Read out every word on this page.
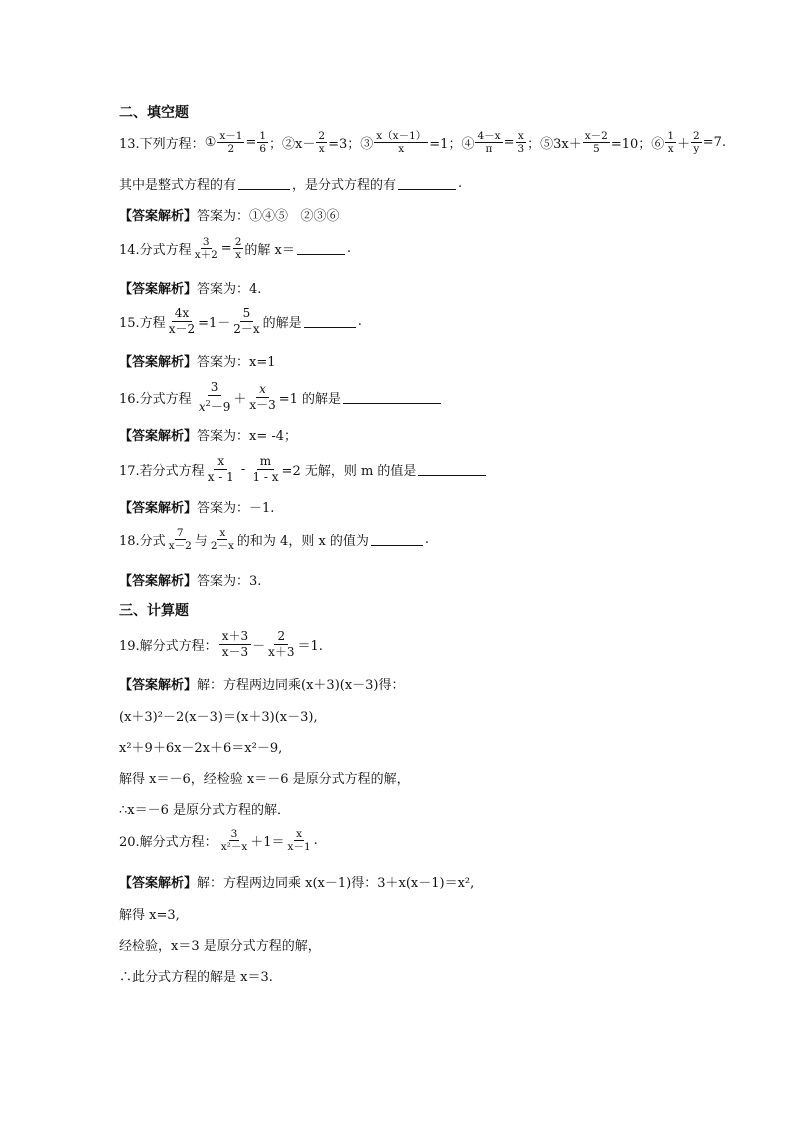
二、填空题
13.下列方程： ① $\frac{x-1}{2} = \frac{1}{6}$ ；②x－ $\frac{2}{x} =3$；③ $\frac{x(x-1)}{x} =1$；④ $\frac{4-x}{\pi} = \frac{x}{3}$ ；⑤3x＋ $\frac{x-2}{5} =10$；⑥ $\frac{1}{x} + \frac{2}{y} =7$.
其中是整式方程的有	，是分式方程的有	.
【答案解析】 答案为：①④⑤   ②③⑥
14.分式方程 $\frac{3}{x+2} = \frac{2}{x}$ 的解 x＝	.
【答案解析】 答案为：4.
15.方程 $\frac{4x}{x-2} =1- \frac{5}{2-x}$ 的解是	.
【答案解析】 答案为：x=1
16.分式方程 $\frac{3}{x^2-9} + \frac{x}{x-3} =1$ 的解是
【答案解析】 答案为：x= -4；
17.若分式方程 $\frac{x}{x - 1} - \frac{m}{1 - x} =2$ 无解，则 m 的值是
【答案解析】 答案为：－1.
18.分式 $\frac{7}{x-2}$ 与 $\frac{x}{2-x}$ 的和为 4，则 x 的值为	.
【答案解析】 答案为：3.
三、计算题
19.解分式方程： $\frac{x+3}{x-3} - \frac{2}{x+3} =1$.
【答案解析】 解：方程两边同乘(x＋3)(x－3)得：
(x＋3)²－2(x－3)＝(x＋3)(x－3),
x²＋9＋6x－2x＋6＝x²－9,
解得 x＝－6，经检验 x＝－6 是原分式方程的解，
∴x＝－6 是原分式方程的解．
20.解分式方程： $\frac{3}{\text{x²－x}} +1= \frac{x}{x-1}$ .
【答案解析】 解：方程两边同乘 x(x－1)得：3＋x(x－1)＝x²,
解得 x=3,
经检验，x＝3 是原分式方程的解，
∴此分式方程的解是 x＝3.
